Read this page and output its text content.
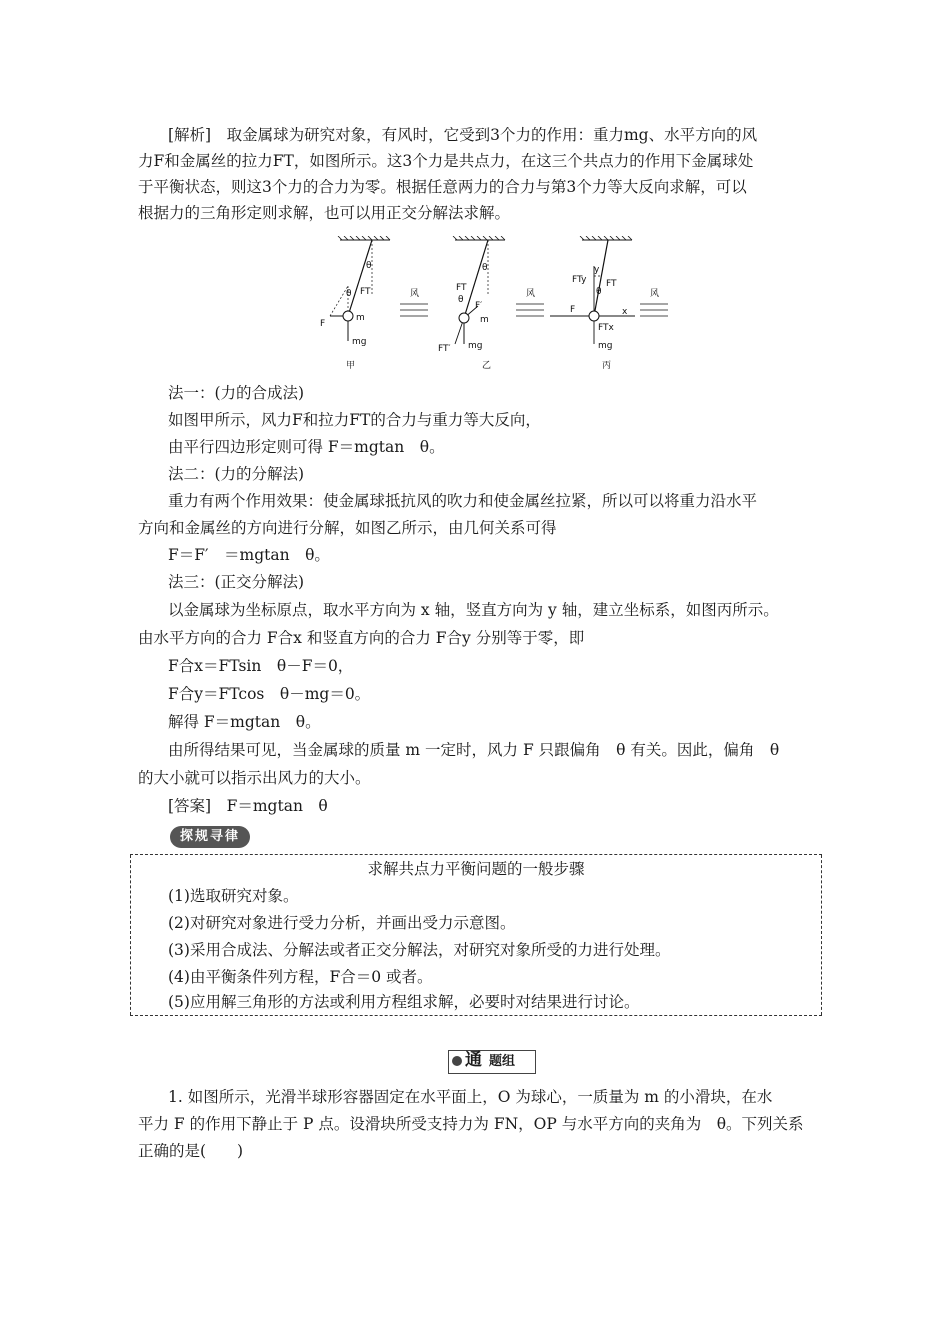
[解析]　取金属球为研究对象，有风时，它受到3个力的作用：重力mg、水平方向的风
力F和金属丝的拉力FT，如图所示。这3个力是共点力，在这三个共点力的作用下金属球处
于平衡状态，则这3个力的合力为零。根据任意两力的合力与第3个力等大反向求解，可以
根据力的三角形定则求解，也可以用正交分解法求解。
θ
θ FT
F
m
mg
风
甲
θ
θ
FT
F′
m
FT′ mg
风
乙
y
FTy FT
θ
F
FTx
x
mg
风
丙
法一：(力的合成法)
如图甲所示，风力F和拉力FT的合力与重力等大反向，
由平行四边形定则可得 F＝mgtan　θ。
法二：(力的分解法)
重力有两个作用效果：使金属球抵抗风的吹力和使金属丝拉紧，所以可以将重力沿水平
方向和金属丝的方向进行分解，如图乙所示，由几何关系可得
F＝F′　＝mgtan　θ。
法三：(正交分解法)
以金属球为坐标原点，取水平方向为 x 轴，竖直方向为 y 轴，建立坐标系，如图丙所示。
由水平方向的合力 F合x 和竖直方向的合力 F合y 分别等于零，即
F合x＝FTsin　θ－F＝0，
F合y＝FTcos　θ－mg＝0。
解得 F＝mgtan　θ。
由所得结果可见，当金属球的质量 m 一定时，风力 F 只跟偏角　θ 有关。因此，偏角　θ
的大小就可以指示出风力的大小。
[答案]　F＝mgtan　θ
探规寻律
求解共点力平衡问题的一般步骤
(1)选取研究对象。
(2)对研究对象进行受力分析，并画出受力示意图。
(3)采用合成法、分解法或者正交分解法，对研究对象所受的力进行处理。
(4)由平衡条件列方程，F合＝0 或者。
(5)应用解三角形的方法或利用方程组求解，必要时对结果进行讨论。
通 题组
1. 如图所示，光滑半球形容器固定在水平面上，O 为球心，一质量为 m 的小滑块，在水
平力 F 的作用下静止于 P 点。设滑块所受支持力为 FN，OP 与水平方向的夹角为　θ。下列关系
正确的是(　　)
